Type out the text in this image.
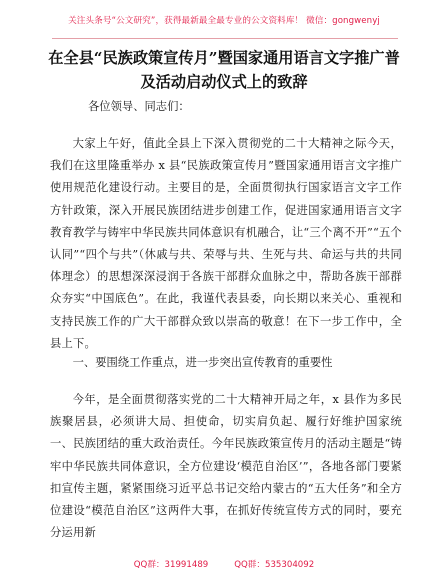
关注头条号“公文研究”，获得最新最全最专业的公文资料库！ 微信：gongwenyj
在全县“民族政策宣传月”暨国家通用语言文字推广普及活动启动仪式上的致辞

各位领导、同志们：

大家上午好，值此全县上下深入贯彻党的二十大精神之际今天，我们在这里隆重举办 x 县“民族政策宣传月”暨国家通用语言文字推广使用规范化建设行动。主要目的是，全面贯彻执行国家语言文字工作方针政策，深入开展民族团结进步创建工作，促进国家通用语言文字教育教学与铸牢中华民族共同体意识有机融合，让“三个离不开”“五个认同”“四个与共”（休戚与共、荣辱与共、生死与共、命运与共的共同体理念）的思想深深浸润于各族干部群众血脉之中，帮助各族干部群众夯实“中国底色”。在此，我谨代表县委，向长期以来关心、重视和支持民族工作的广大干部群众致以崇高的敬意！在下一步工作中，全县上下。

一、要围绕工作重点，进一步突出宣传教育的重要性

今年，是全面贯彻落实党的二十大精神开局之年，x 县作为多民族聚居县，必须讲大局、担使命，切实肩负起、履行好维护国家统一、民族团结的重大政治责任。今年民族政策宣传月的活动主题是“铸牢中华民族共同体意识，全方位建设‘模范自治区’”，各地各部门要紧扣宣传主题，紧紧围绕习近平总书记交给内蒙古的“五大任务”和全方位建设“模范自治区”这两件大事，在抓好传统宣传方式的同时，要充分运用新

QQ群：31991489	QQ群：535304092
